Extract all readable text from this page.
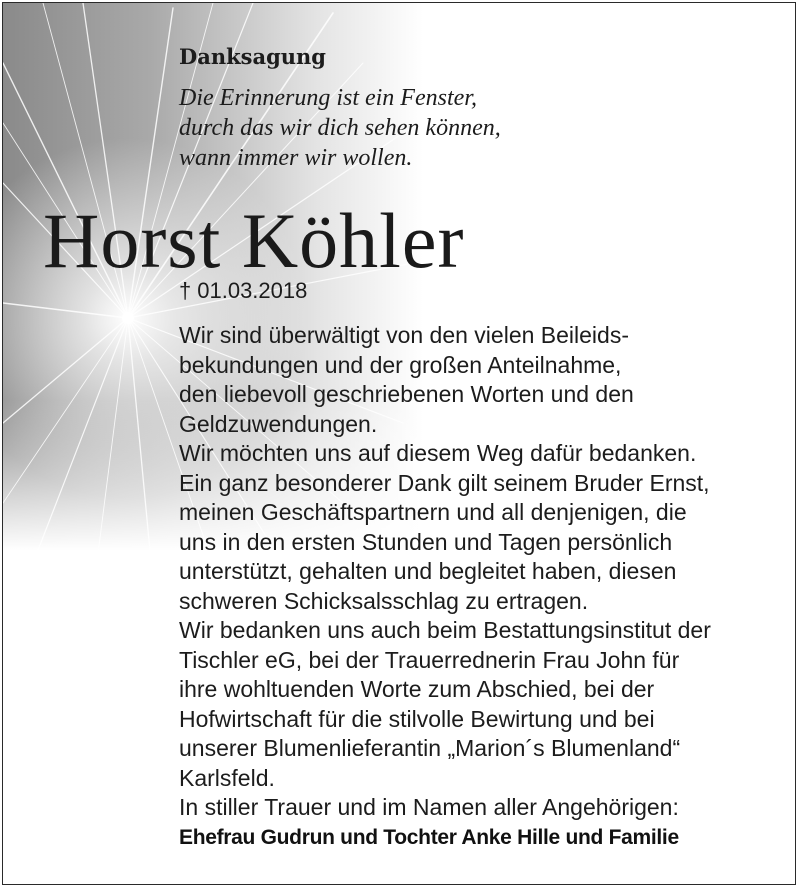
Danksagung
Die Erinnerung ist ein Fenster,
durch das wir dich sehen können,
wann immer wir wollen.
Horst Köhler
† 01.03.2018
Wir sind überwältigt von den vielen Beileids-
bekundungen und der großen Anteilnahme,
den liebevoll geschriebenen Worten und den
Geldzuwendungen.
Wir möchten uns auf diesem Weg dafür bedanken.
Ein ganz besonderer Dank gilt seinem Bruder Ernst,
meinen Geschäftspartnern und all denjenigen, die
uns in den ersten Stunden und Tagen persönlich
unterstützt, gehalten und begleitet haben, diesen
schweren Schicksalsschlag zu ertragen.
Wir bedanken uns auch beim Bestattungsinstitut der
Tischler eG, bei der Trauerrednerin Frau John für
ihre wohltuenden Worte zum Abschied, bei der
Hofwirtschaft für die stilvolle Bewirtung und bei
unserer Blumenlieferantin „Marion´s Blumenland“
Karlsfeld.
In stiller Trauer und im Namen aller Angehörigen:
Ehefrau Gudrun und Tochter Anke Hille und Familie
